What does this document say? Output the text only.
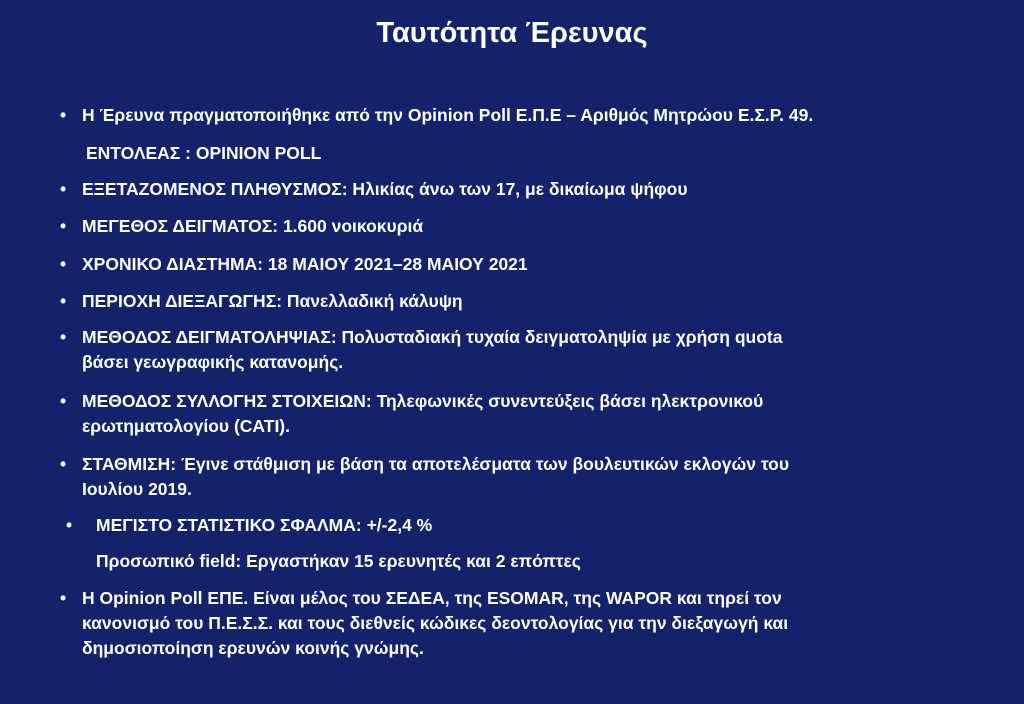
Ταυτότητα Έρευνας
•
•
•
•
•
•
•
•
•
•
Η Έρευνα πραγματοποιήθηκε από την Opinion Poll Ε.Π.Ε – Αριθμός Μητρώου Ε.Σ.Ρ. 49.
ΕΝΤΟΛΕΑΣ : OPINION POLL
ΕΞΕΤΑΖΟΜΕΝΟΣ ΠΛΗΘΥΣΜΟΣ: Ηλικίας άνω των 17, με δικαίωμα ψήφου
ΜΕΓΕΘΟΣ ΔΕΙΓΜΑΤΟΣ: 1.600 νοικοκυριά
ΧΡΟΝΙΚΟ ΔΙΑΣΤΗΜΑ: 18 ΜΑΙΟΥ 2021–28 ΜΑΙΟΥ 2021
ΠΕΡΙΟΧΗ ΔΙΕΞΑΓΩΓΗΣ: Πανελλαδική κάλυψη
ΜΕΘΟΔΟΣ ΔΕΙΓΜΑΤΟΛΗΨΙΑΣ: Πολυσταδιακή τυχαία δειγματοληψία με χρήση quota
βάσει γεωγραφικής κατανομής.
ΜΕΘΟΔΟΣ ΣΥΛΛΟΓΗΣ ΣΤΟΙΧΕΙΩΝ: Τηλεφωνικές συνεντεύξεις βάσει ηλεκτρονικού
ερωτηματολογίου (CATI).
ΣΤΑΘΜΙΣΗ: Έγινε στάθμιση με βάση τα αποτελέσματα των βουλευτικών εκλογών του
Ιουλίου 2019.
ΜΕΓΙΣΤΟ ΣΤΑΤΙΣΤΙΚΟ ΣΦΑΛΜΑ: +/-2,4 %
Προσωπικό field: Εργαστήκαν 15 ερευνητές και 2 επόπτες
Η Opinion Poll ΕΠΕ. Είναι μέλος του ΣΕΔΕΑ, της ESOMAR, της WAPOR και τηρεί τον
κανονισμό του Π.Ε.Σ.Σ. και τους διεθνείς κώδικες δεοντολογίας για την διεξαγωγή και
δημοσιοποίηση ερευνών κοινής γνώμης.
